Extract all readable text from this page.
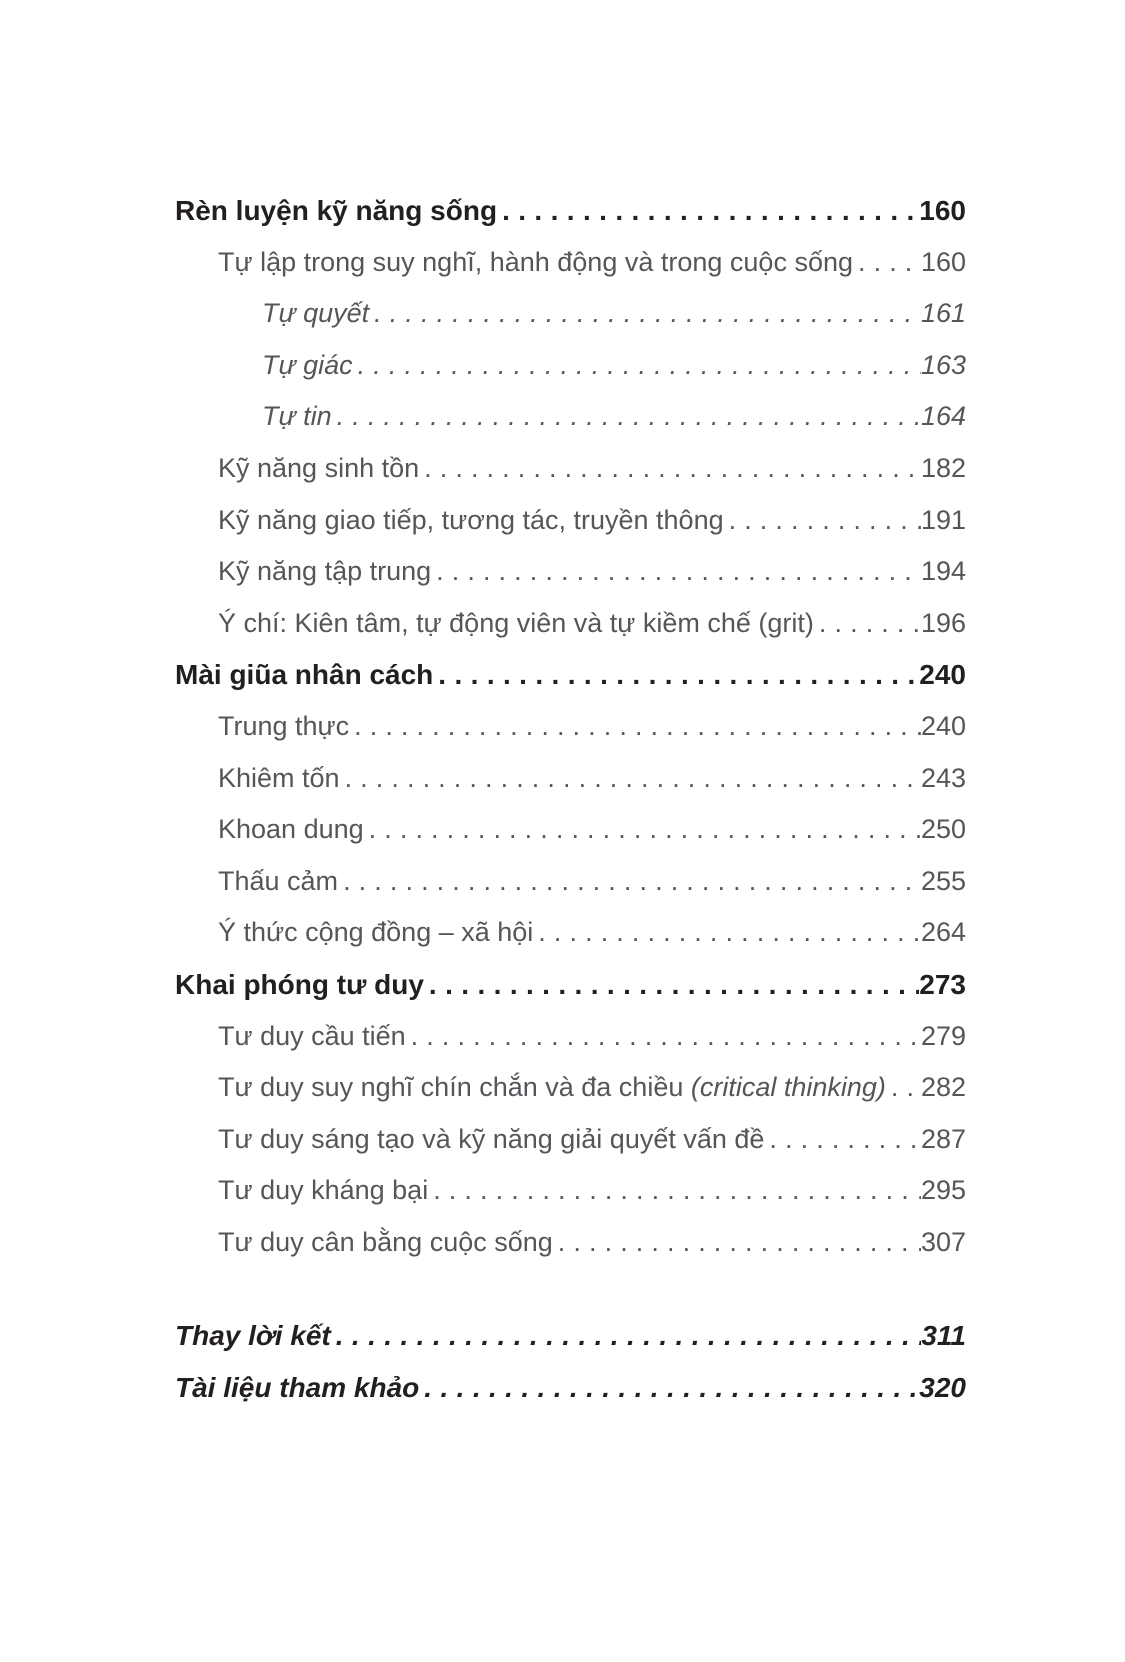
Rèn luyện kỹ năng sống .....	160
Tự lập trong suy nghĩ, hành động và trong cuộc sống .....	160
Tự quyết .....	161
Tự giác .....	163
Tự tin .....	164
Kỹ năng sinh tồn .....	182
Kỹ năng giao tiếp, tương tác, truyền thông .....	191
Kỹ năng tập trung .....	194
Ý chí: Kiên tâm, tự động viên và tự kiềm chế (grit) .....	196
Mài giũa nhân cách .....	240
Trung thực .....	240
Khiêm tốn .....	243
Khoan dung .....	250
Thấu cảm .....	255
Ý thức cộng đồng – xã hội .....	264
Khai phóng tư duy .....	273
Tư duy cầu tiến .....	279
Tư duy suy nghĩ chín chắn và đa chiều (critical thinking) ..... 282
Tư duy sáng tạo và kỹ năng giải quyết vấn đề .....	287
Tư duy kháng bại .....	295
Tư duy cân bằng cuộc sống .....	307
Thay lời kết .....	311
Tài liệu tham khảo .....	320
